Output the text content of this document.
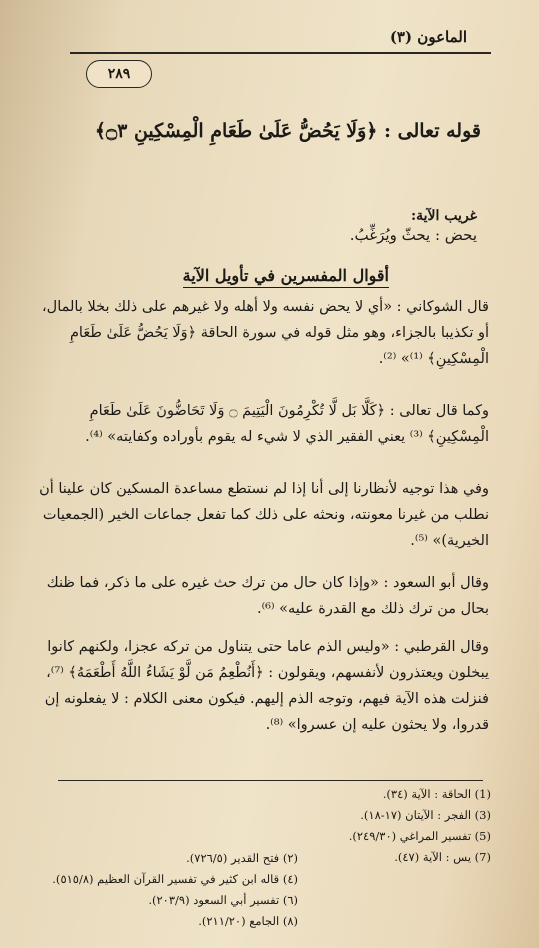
الماعون (٣)
٢٨٩
قوله تعالى : ﴿وَلَا يَحُضُّ عَلَىٰ طَعَامِ الْمِسْكِينِ ۝٣﴾
غريب الآية:
يحض : يحثّ ويُرَغِّبُ.
أقوال المفسرين في تأويل الآية
قال الشوكاني : «أي لا يحض نفسه ولا أهله ولا غيرهم على ذلك بخلا بالمال، أو تكذيبا بالجزاء، وهو مثل قوله في سورة الحاقة ﴿وَلَا يَحُضُّ عَلَىٰ طَعَامِ الْمِسْكِينِ﴾ ⁽¹⁾» ⁽²⁾.
وكما قال تعالى : ﴿كَلَّا بَل لَّا تُكْرِمُونَ الْيَتِيمَ ۝ وَلَا تَحَاضُّونَ عَلَىٰ طَعَامِ الْمِسْكِينِ﴾ ⁽³⁾ يعني الفقير الذي لا شيء له يقوم بأوراده وكفايته» ⁽⁴⁾.
وفي هذا توجيه لأنظارنا إلى أنا إذا لم نستطع مساعدة المسكين كان علينا أن نطلب من غيرنا معونته، ونحثه على ذلك كما تفعل جماعات الخير (الجمعيات الخيرية)» ⁽⁵⁾.
وقال أبو السعود : «وإذا كان حال من ترك حث غيره على ما ذكر، فما ظنك بحال من ترك ذلك مع القدرة عليه» ⁽⁶⁾.
وقال القرطبي : «وليس الذم عاما حتى يتناول من تركه عجزا، ولكنهم كانوا يبخلون ويعتذرون لأنفسهم، ويقولون : ﴿أَنُطْعِمُ مَن لَّوْ يَشَاءُ اللَّهُ أَطْعَمَهُ﴾ ⁽⁷⁾، فنزلت هذه الآية فيهم، وتوجه الذم إليهم. فيكون معنى الكلام : لا يفعلونه إن قدروا، ولا يحثون عليه إن عسروا» ⁽⁸⁾.
(1) الحاقة : الآية (٣٤).
(3) الفجر : الآيتان (١٧-١٨).
(5) تفسير المراغي (٢٤٩/٣٠).
(7) يس : الآية (٤٧).
(٢) فتح القدير (٧٢٦/٥).
(٤) قاله ابن كثير في تفسير القرآن العظيم (٥١٥/٨).
(٦) تفسير أبي السعود (٢٠٣/٩).
(٨) الجامع (٢١١/٢٠).
